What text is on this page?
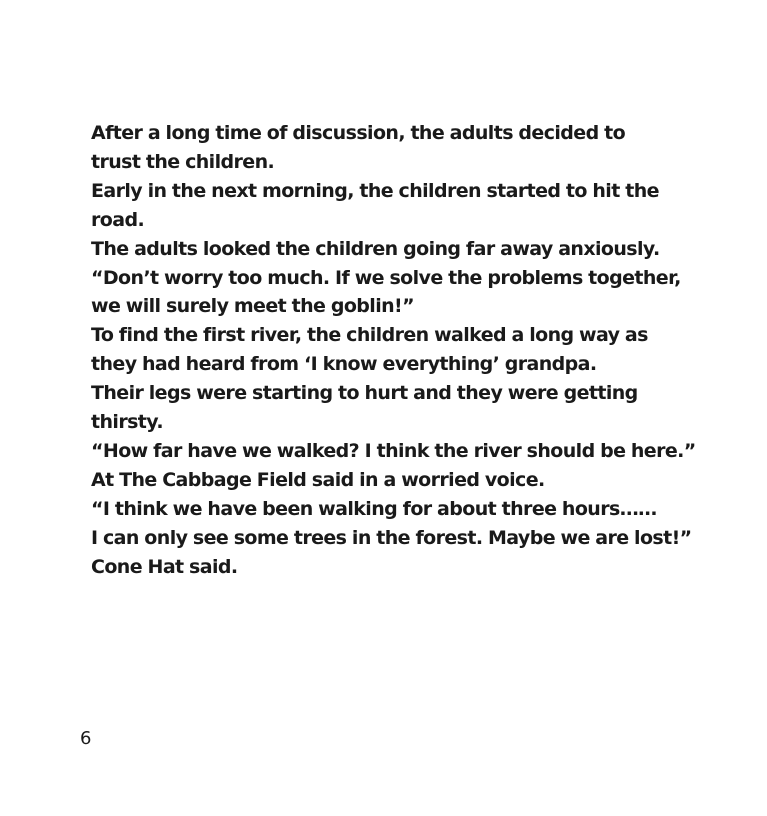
After a long time of discussion, the adults decided to
trust the children.
Early in the next morning, the children started to hit the
road.
The adults looked the children going far away anxiously.
“Don’t worry too much. If we solve the problems together,
we will surely meet the goblin!”
To find the first river, the children walked a long way as
they had heard from ‘I know everything’ grandpa.
Their legs were starting to hurt and they were getting
thirsty.
“How far have we walked? I think the river should be here.”
At The Cabbage Field said in a worried voice.
“I think we have been walking for about three hours……
I can only see some trees in the forest. Maybe we are lost!”
Cone Hat said.
6
